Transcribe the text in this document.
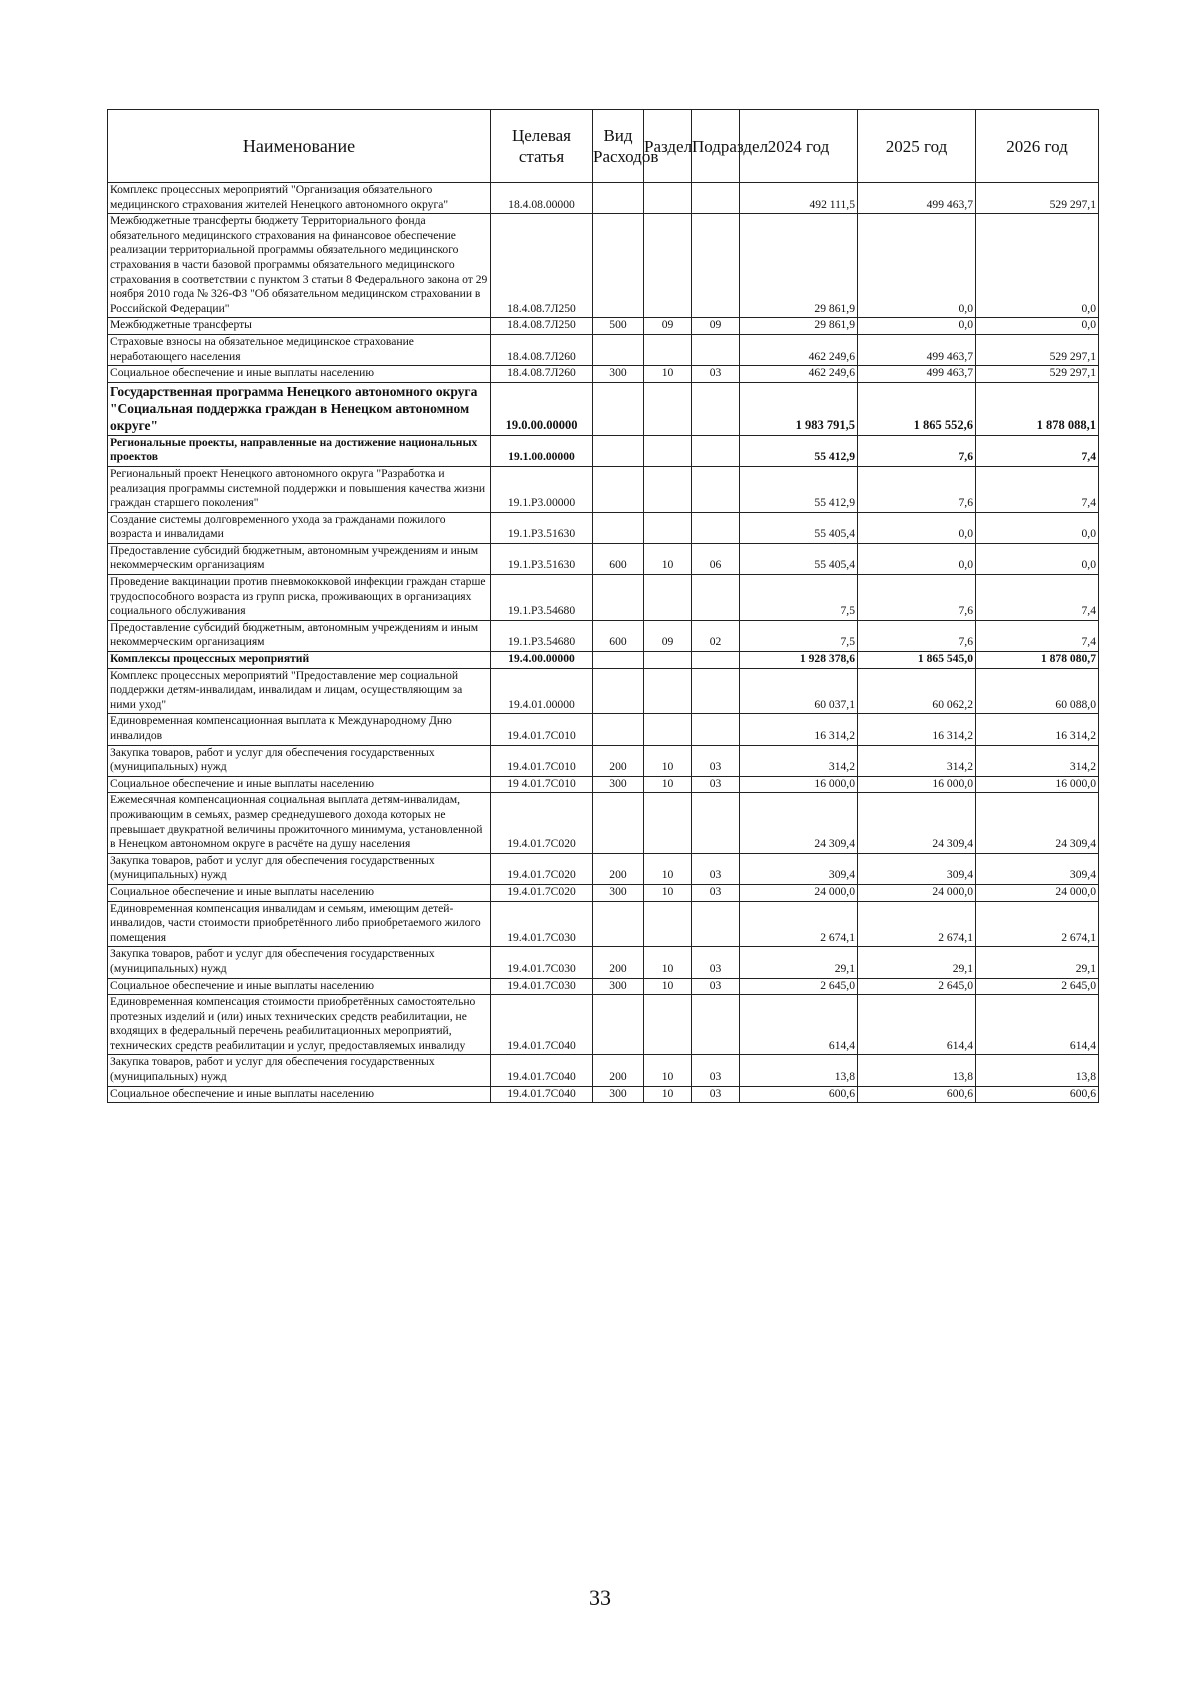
Наименование	Целевая статья	Вид Расходов	Раздел	Подраздел	2024 год	2025 год	2026 год
Комплекс процессных мероприятий "Организация обязательного медицинского страхования жителей Ненецкого автономного округа"	18.4.08.00000				492 111,5	499 463,7	529 297,1
Межбюджетные трансферты бюджету Территориального фонда обязательного медицинского страхования на финансовое обеспечение реализации территориальной программы обязательного медицинского страхования в части базовой программы обязательного медицинского страхования в соответствии с пунктом 3 статьи 8 Федерального закона от 29 ноября 2010 года № 326-ФЗ "Об обязательном медицинском страховании в Российской Федерации"	18.4.08.7Л250				29 861,9	0,0	0,0
Межбюджетные трансферты	18.4.08.7Л250	500	09	09	29 861,9	0,0	0,0
Страховые взносы на обязательное медицинское страхование неработающего населения	18.4.08.7Л260				462 249,6	499 463,7	529 297,1
Социальное обеспечение и иные выплаты населению	18.4.08.7Л260	300	10	03	462 249,6	499 463,7	529 297,1
Государственная программа Ненецкого автономного округа "Социальная поддержка граждан в Ненецком автономном округе"	19.0.00.00000				1 983 791,5	1 865 552,6	1 878 088,1
Региональные проекты, направленные на достижение национальных проектов	19.1.00.00000				55 412,9	7,6	7,4
Региональный проект Ненецкого автономного округа "Разработка и реализация программы системной поддержки и повышения качества жизни граждан старшего поколения"	19.1.P3.00000				55 412,9	7,6	7,4
Создание системы долговременного ухода за гражданами пожилого возраста и инвалидами	19.1.P3.51630				55 405,4	0,0	0,0
Предоставление субсидий бюджетным, автономным учреждениям и иным некоммерческим организациям	19.1.P3.51630	600	10	06	55 405,4	0,0	0,0
Проведение вакцинации против пневмококковой инфекции граждан старше трудоспособного возраста из групп риска, проживающих в организациях социального обслуживания	19.1.P3.54680				7,5	7,6	7,4
Предоставление субсидий бюджетным, автономным учреждениям и иным некоммерческим организациям	19.1.P3.54680	600	09	02	7,5	7,6	7,4
Комплексы процессных мероприятий	19.4.00.00000				1 928 378,6	1 865 545,0	1 878 080,7
Комплекс процессных мероприятий "Предоставление мер социальной поддержки детям-инвалидам, инвалидам и лицам, осуществляющим за ними уход"	19.4.01.00000				60 037,1	60 062,2	60 088,0
Единовременная компенсационная выплата к Международному Дню инвалидов	19.4.01.7С010				16 314,2	16 314,2	16 314,2
Закупка товаров, работ и услуг для обеспечения государственных (муниципальных) нужд	19.4.01.7С010	200	10	03	314,2	314,2	314,2
Социальное обеспечение и иные выплаты населению	19 4.01.7С010	300	10	03	16 000,0	16 000,0	16 000,0
Ежемесячная компенсационная социальная выплата детям-инвалидам, проживающим в семьях, размер среднедушевого дохода которых не превышает двукратной величины прожиточного минимума, установленной в Ненецком автономном округе в расчёте на душу населения	19.4.01.7С020				24 309,4	24 309,4	24 309,4
Закупка товаров, работ и услуг для обеспечения государственных (муниципальных) нужд	19.4.01.7С020	200	10	03	309,4	309,4	309,4
Социальное обеспечение и иные выплаты населению	19.4.01.7С020	300	10	03	24 000,0	24 000,0	24 000,0
Единовременная компенсация инвалидам и семьям, имеющим детей-инвалидов, части стоимости приобретённого либо приобретаемого жилого помещения	19.4.01.7С030				2 674,1	2 674,1	2 674,1
Закупка товаров, работ и услуг для обеспечения государственных (муниципальных) нужд	19.4.01.7С030	200	10	03	29,1	29,1	29,1
Социальное обеспечение и иные выплаты населению	19.4.01.7С030	300	10	03	2 645,0	2 645,0	2 645,0
Единовременная компенсация стоимости приобретённых самостоятельно протезных изделий и (или) иных технических средств реабилитации, не входящих в федеральный перечень реабилитационных мероприятий, технических средств реабилитации и услуг, предоставляемых инвалиду	19.4.01.7С040				614,4	614,4	614,4
Закупка товаров, работ и услуг для обеспечения государственных (муниципальных) нужд	19.4.01.7С040	200	10	03	13,8	13,8	13,8
Социальное обеспечение и иные выплаты населению	19.4.01.7С040	300	10	03	600,6	600,6	600,6
33
